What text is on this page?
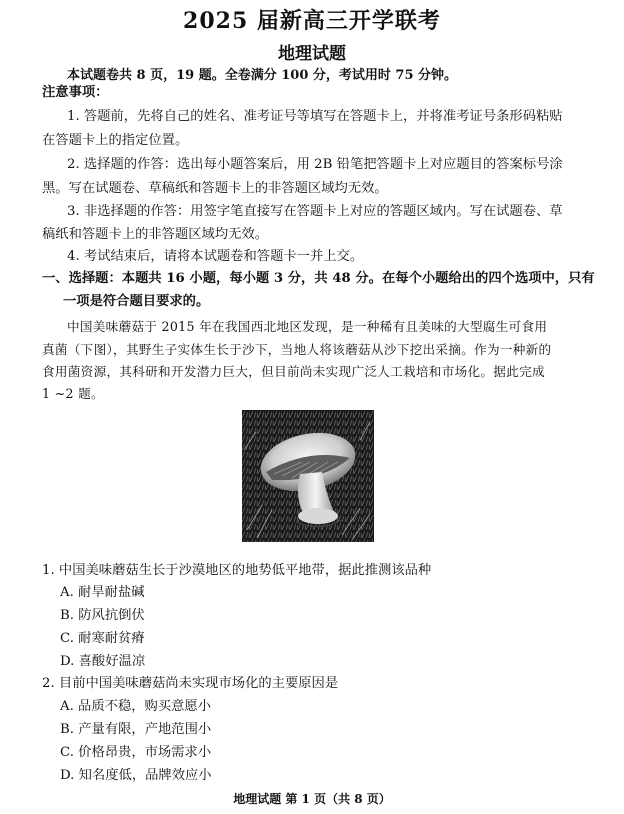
2025 届新高三开学联考
地理试题
本试题卷共 8 页，19 题。全卷满分 100 分，考试用时 75 分钟。
注意事项：
1. 答题前，先将自己的姓名、准考证号等填写在答题卡上，并将准考证号条形码粘贴
在答题卡上的指定位置。
2. 选择题的作答：选出每小题答案后，用 2B 铅笔把答题卡上对应题目的答案标号涂
黑。写在试题卷、草稿纸和答题卡上的非答题区域均无效。
3. 非选择题的作答：用签字笔直接写在答题卡上对应的答题区域内。写在试题卷、草
稿纸和答题卡上的非答题区域均无效。
4. 考试结束后，请将本试题卷和答题卡一并上交。
一、选择题：本题共 16 小题，每小题 3 分，共 48 分。在每个小题给出的四个选项中，只有
一项是符合题目要求的。
中国美味蘑菇于 2015 年在我国西北地区发现，是一种稀有且美味的大型腐生可食用
真菌（下图），其野生子实体生长于沙下，当地人将该蘑菇从沙下挖出采摘。作为一种新的
食用菌资源，其科研和开发潜力巨大，但目前尚未实现广泛人工栽培和市场化。据此完成
1 ~2 题。
1. 中国美味蘑菇生长于沙漠地区的地势低平地带，据此推测该品种
A. 耐旱耐盐碱
B. 防风抗倒伏
C. 耐寒耐贫瘠
D. 喜酸好温凉
2. 目前中国美味蘑菇尚未实现市场化的主要原因是
A. 品质不稳，购买意愿小
B. 产量有限，产地范围小
C. 价格昂贵，市场需求小
D. 知名度低，品牌效应小
地理试题 第 1 页（共 8 页）
